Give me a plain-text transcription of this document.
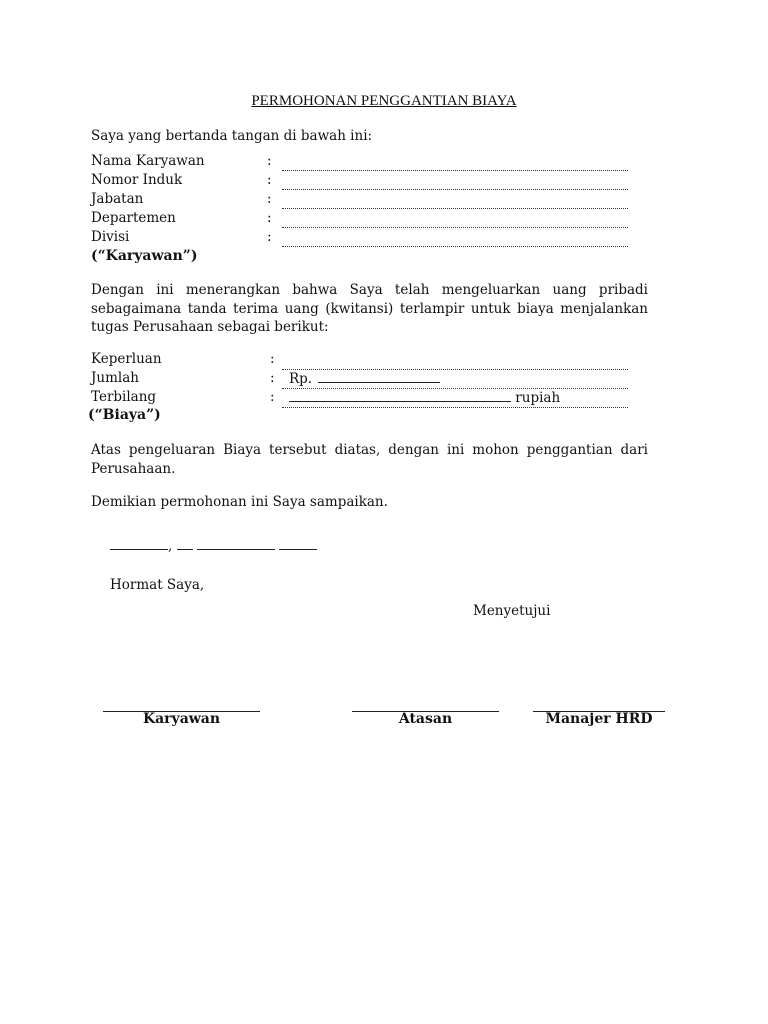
PERMOHONAN PENGGANTIAN BIAYA
Saya yang bertanda tangan di bawah ini:
Nama Karyawan	:
Nomor Induk	:
Jabatan	:
Departemen	:
Divisi	:
(“Karyawan”)
Dengan ini menerangkan bahwa Saya telah mengeluarkan uang pribadi sebagaimana tanda terima uang (kwitansi) terlampir untuk biaya menjalankan tugas Perusahaan sebagai berikut:
Keperluan	:
Jumlah	: Rp.
Terbilang	:	rupiah
(“Biaya”)
Atas pengeluaran Biaya tersebut diatas, dengan ini mohon penggantian dari Perusahaan.
Demikian permohonan ini Saya sampaikan.
,
Hormat Saya,
Menyetujui
Karyawan	Atasan	Manajer HRD
